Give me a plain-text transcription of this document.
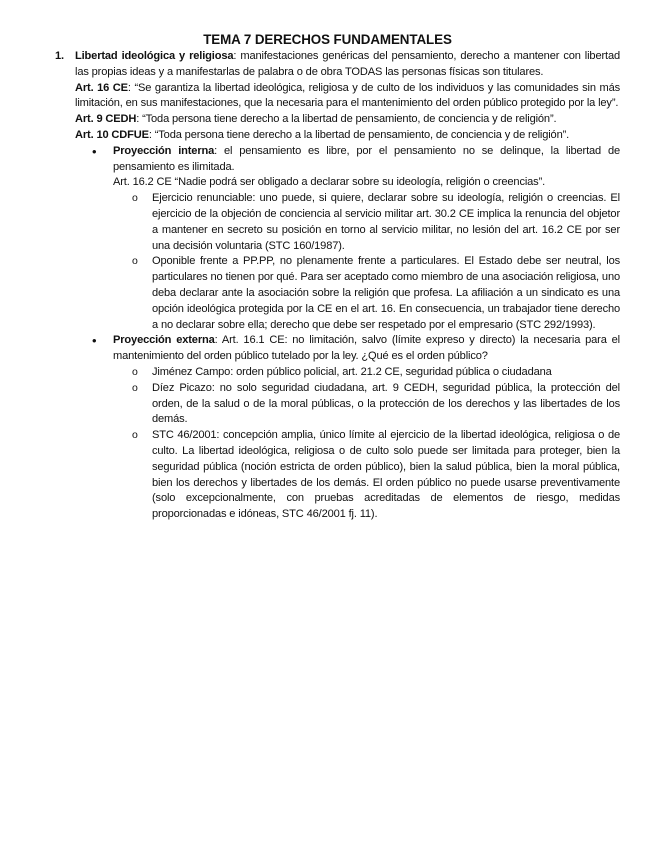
TEMA 7 DERECHOS FUNDAMENTALES

1. Libertad ideológica y religiosa: manifestaciones genéricas del pensamiento, derecho a mantener con libertad las propias ideas y a manifestarlas de palabra o de obra TODAS las personas físicas son titulares.

Art. 16 CE: “Se garantiza la libertad ideológica, religiosa y de culto de los individuos y las comunidades sin más limitación, en sus manifestaciones, que la necesaria para el mantenimiento del orden público protegido por la ley”.

Art. 9 CEDH: “Toda persona tiene derecho a la libertad de pensamiento, de conciencia y de religión”.

Art. 10 CDFUE: “Toda persona tiene derecho a la libertad de pensamiento, de conciencia y de religión”.

• Proyección interna: el pensamiento es libre, por el pensamiento no se delinque, la libertad de pensamiento es ilimitada.

Art. 16.2 CE “Nadie podrá ser obligado a declarar sobre su ideología, religión o creencias”.

o Ejercicio renunciable: uno puede, si quiere, declarar sobre su ideología, religión o creencias. El ejercicio de la objeción de conciencia al servicio militar art. 30.2 CE implica la renuncia del objetor a mantener en secreto su posición en torno al servicio militar, no lesión del art. 16.2 CE por ser una decisión voluntaria (STC 160/1987).

o Oponible frente a PP.PP, no plenamente frente a particulares. El Estado debe ser neutral, los particulares no tienen por qué. Para ser aceptado como miembro de una asociación religiosa, uno deba declarar ante la asociación sobre la religión que profesa. La afiliación a un sindicato es una opción ideológica protegida por la CE en el art. 16. En consecuencia, un trabajador tiene derecho a no declarar sobre ella; derecho que debe ser respetado por el empresario (STC 292/1993).

• Proyección externa: Art. 16.1 CE: no limitación, salvo (límite expreso y directo) la necesaria para el mantenimiento del orden público tutelado por la ley. ¿Qué es el orden público?

o Jiménez Campo: orden público policial, art. 21.2 CE, seguridad pública o ciudadana

o Díez Picazo: no solo seguridad ciudadana, art. 9 CEDH, seguridad pública, la protección del orden, de la salud o de la moral públicas, o la protección de los derechos y las libertades de los demás.

o STC 46/2001: concepción amplia, único límite al ejercicio de la libertad ideológica, religiosa o de culto. La libertad ideológica, religiosa o de culto solo puede ser limitada para proteger, bien la seguridad pública (noción estricta de orden público), bien la salud pública, bien la moral pública, bien los derechos y libertades de los demás. El orden público no puede usarse preventivamente (solo excepcionalmente, con pruebas acreditadas de elementos de riesgo, medidas proporcionadas e idóneas, STC 46/2001 fj. 11).
